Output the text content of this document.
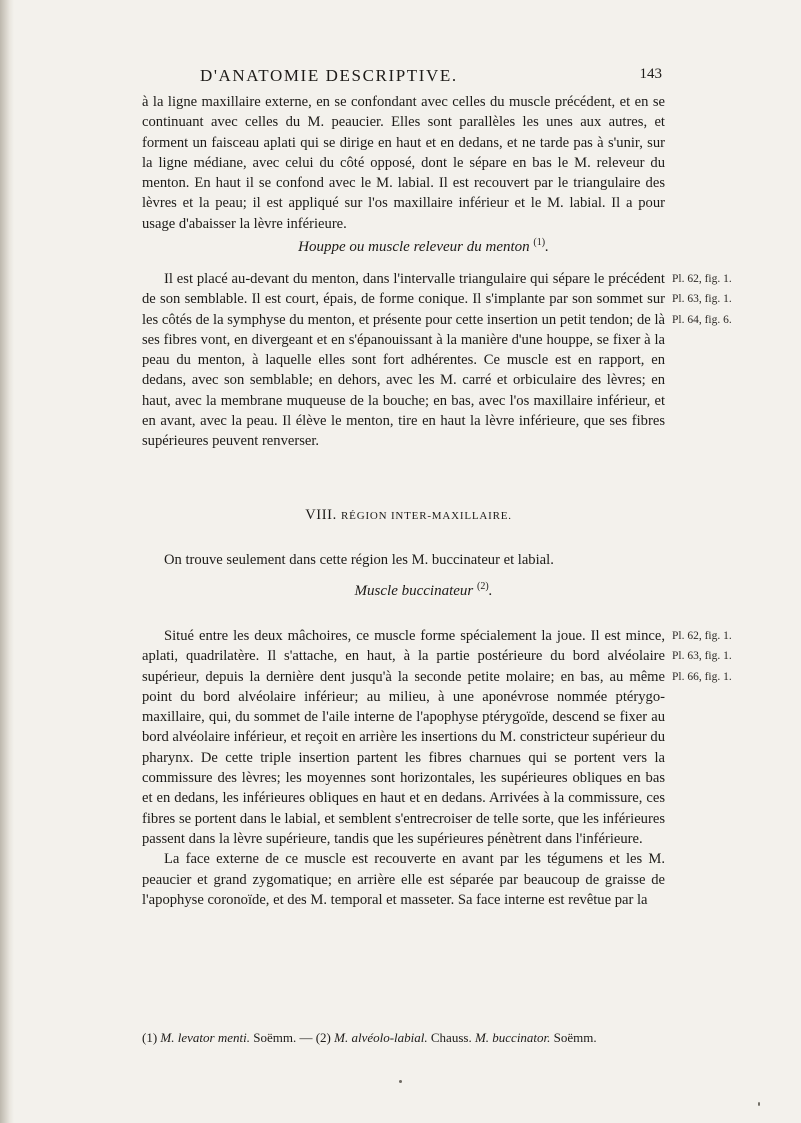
D'ANATOMIE DESCRIPTIVE.	143

à la ligne maxillaire externe, en se confondant avec celles du muscle précédent, et en se continuant avec celles du M. peaucier. Elles sont parallèles les unes aux autres, et forment un faisceau aplati qui se dirige en haut et en dedans, et ne tarde pas à s'unir, sur la ligne médiane, avec celui du côté opposé, dont le sépare en bas le M. releveur du menton. En haut il se confond avec le M. labial. Il est recouvert par le triangulaire des lèvres et la peau; il est appliqué sur l'os maxillaire inférieur et le M. labial. Il a pour usage d'abaisser la lèvre inférieure.

Houppe ou muscle releveur du menton $^{(1)}$.

Il est placé au-devant du menton, dans l'intervalle triangulaire qui sépare le précédent de son semblable. Il est court, épais, de forme conique. Il s'implante par son sommet sur les côtés de la symphyse du menton, et présente pour cette insertion un petit tendon; de là ses fibres vont, en divergeant et en s'épanouissant à la manière d'une houppe, se fixer à la peau du menton, à laquelle elles sont fort adhérentes. Ce muscle est en rapport, en dedans, avec son semblable; en dehors, avec les M. carré et orbiculaire des lèvres; en haut, avec la membrane muqueuse de la bouche; en bas, avec l'os maxillaire inférieur, et en avant, avec la peau. Il élève le menton, tire en haut la lèvre inférieure, que ses fibres supérieures peuvent renverser.

Pl. 62, fig. 1.
Pl. 63, fig. 1.
Pl. 64, fig. 6.

VIII. RÉGION INTER-MAXILLAIRE.

On trouve seulement dans cette région les M. buccinateur et labial.

Muscle buccinateur $^{(2)}$.

Situé entre les deux mâchoires, ce muscle forme spécialement la joue. Il est mince, aplati, quadrilatère. Il s'attache, en haut, à la partie postérieure du bord alvéolaire supérieur, depuis la dernière dent jusqu'à la seconde petite molaire; en bas, au même point du bord alvéolaire inférieur; au milieu, à une aponévrose nommée ptérygo-maxillaire, qui, du sommet de l'aile interne de l'apophyse ptérygoïde, descend se fixer au bord alvéolaire inférieur, et reçoit en arrière les insertions du M. constricteur supérieur du pharynx. De cette triple insertion partent les fibres charnues qui se portent vers la commissure des lèvres; les moyennes sont horizontales, les supérieures obliques en bas et en dedans, les inférieures obliques en haut et en dedans. Arrivées à la commissure, ces fibres se portent dans le labial, et semblent s'entrecroiser de telle sorte, que les inférieures passent dans la lèvre supérieure, tandis que les supérieures pénètrent dans l'inférieure.

La face externe de ce muscle est recouverte en avant par les tégumens et les M. peaucier et grand zygomatique; en arrière elle est séparée par beaucoup de graisse de l'apophyse coronoïde, et des M. temporal et masseter. Sa face interne est revêtue par la

Pl. 62, fig. 1.
Pl. 63, fig. 1.
Pl. 66, fig. 1.
(1) M. levator menti. Soëmm. — (2) M. alvéolo-labial. Chauss. M. buccinator. Soëmm.
